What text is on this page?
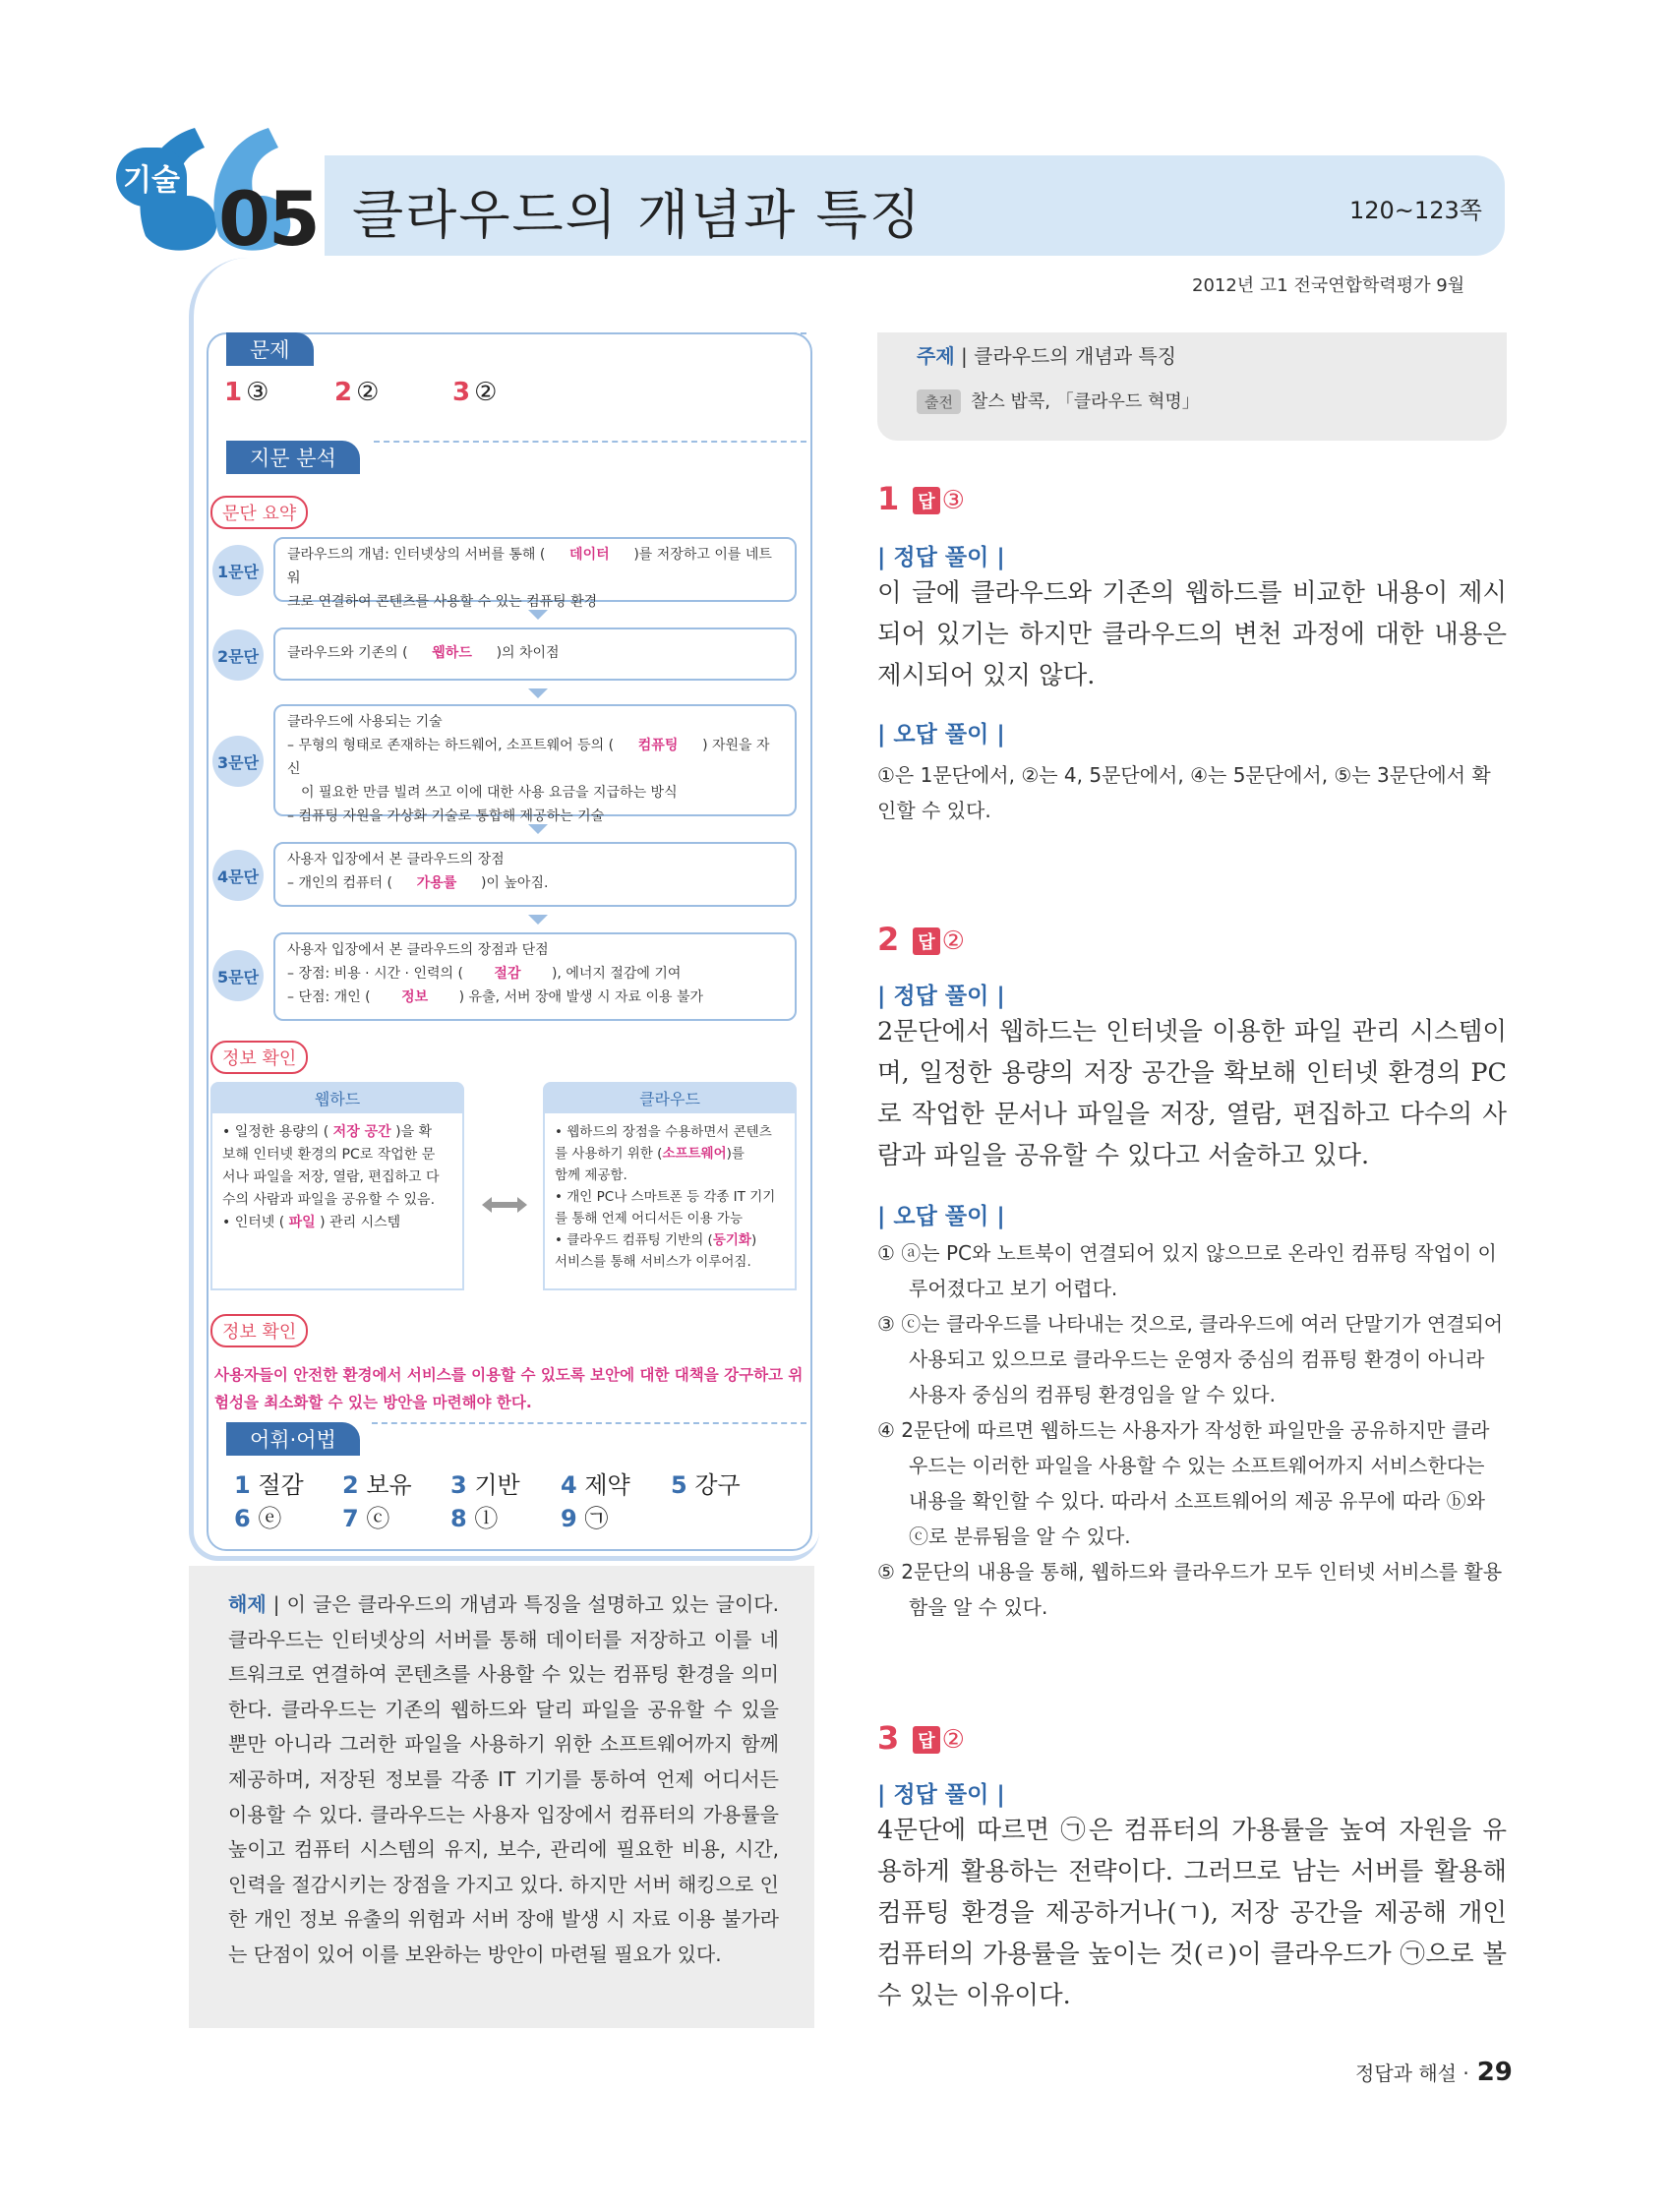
기술 05 클라우드의 개념과 특징	120~123쪽
2012년 고1 전국연합학력평가 9월
문제
1 ③	2 ②	3 ②
지문 분석
문단 요약
1문단
클라우드의 개념: 인터넷상의 서버를 통해 ( 데이터 )를 저장하고 이를 네트워
크로 연결하여 콘텐츠를 사용할 수 있는 컴퓨팅 환경
2문단	클라우드와 기존의 ( 웹하드 )의 차이점
3문단
클라우드에 사용되는 기술
– 무형의 형태로 존재하는 하드웨어, 소프트웨어 등의 ( 컴퓨팅 ) 자원을 자신
이 필요한 만큼 빌려 쓰고 이에 대한 사용 요금을 지급하는 방식
– 컴퓨팅 자원을 가상화 기술로 통합해 제공하는 기술
4문단
사용자 입장에서 본 클라우드의 장점
– 개인의 컴퓨터 ( 가용률 )이 높아짐.
5문단
사용자 입장에서 본 클라우드의 장점과 단점
– 장점: 비용 · 시간 · 인력의 ( 절감 ), 에너지 절감에 기여
– 단점: 개인 ( 정보 ) 유출, 서버 장애 발생 시 자료 이용 불가
정보 확인
웹하드
• 일정한 용량의 ( 저장 공간 )을 확
보해 인터넷 환경의 PC로 작업한 문
서나 파일을 저장, 열람, 편집하고 다
수의 사람과 파일을 공유할 수 있음.
• 인터넷 ( 파일 ) 관리 시스템
클라우드
• 웹하드의 장점을 수용하면서 콘텐츠
를 사용하기 위한 (소프트웨어)를
함께 제공함.
• 개인 PC나 스마트폰 등 각종 IT 기기
를 통해 언제 어디서든 이용 가능
• 클라우드 컴퓨팅 기반의 (동기화)
서비스를 통해 서비스가 이루어짐.
정보 확인
사용자들이 안전한 환경에서 서비스를 이용할 수 있도록 보안에 대한 대책을 강구하고 위험성을 최소화할 수 있는 방안을 마련해야 한다.
어휘·어법
1 절감 2 보유 3 기반 4 제약 5 강구
6 ⓔ	7 ⓒ	8 ⓛ	9 ㉠
해제 | 이 글은 클라우드의 개념과 특징을 설명하고 있는 글이다. 클라우드는 인터넷상의 서버를 통해 데이터를 저장하고 이를 네트워크로 연결하여 콘텐츠를 사용할 수 있는 컴퓨팅 환경을 의미한다. 클라우드는 기존의 웹하드와 달리 파일을 공유할 수 있을 뿐만 아니라 그러한 파일을 사용하기 위한 소프트웨어까지 함께 제공하며, 저장된 정보를 각종 IT 기기를 통하여 언제 어디서든 이용할 수 있다. 클라우드는 사용자 입장에서 컴퓨터의 가용률을 높이고 컴퓨터 시스템의 유지, 보수, 관리에 필요한 비용, 시간, 인력을 절감시키는 장점을 가지고 있다. 하지만 서버 해킹으로 인한 개인 정보 유출의 위험과 서버 장애 발생 시 자료 이용 불가라는 단점이 있어 이를 보완하는 방안이 마련될 필요가 있다.
주제 | 클라우드의 개념과 특징
출전 찰스 밥콕, 「클라우드 혁명」
1 답 ③
| 정답 풀이 |
이 글에 클라우드와 기존의 웹하드를 비교한 내용이 제시되어 있기는 하지만 클라우드의 변천 과정에 대한 내용은 제시되어 있지 않다.
| 오답 풀이 |
①은 1문단에서, ②는 4, 5문단에서, ④는 5문단에서, ⑤는 3문단에서 확인할 수 있다.
2 답 ②
| 정답 풀이 |
2문단에서 웹하드는 인터넷을 이용한 파일 관리 시스템이며, 일정한 용량의 저장 공간을 확보해 인터넷 환경의 PC로 작업한 문서나 파일을 저장, 열람, 편집하고 다수의 사람과 파일을 공유할 수 있다고 서술하고 있다.
| 오답 풀이 |
① ⓐ는 PC와 노트북이 연결되어 있지 않으므로 온라인 컴퓨팅 작업이 이루어졌다고 보기 어렵다.
③ ⓒ는 클라우드를 나타내는 것으로, 클라우드에 여러 단말기가 연결되어 사용되고 있으므로 클라우드는 운영자 중심의 컴퓨팅 환경이 아니라 사용자 중심의 컴퓨팅 환경임을 알 수 있다.
④ 2문단에 따르면 웹하드는 사용자가 작성한 파일만을 공유하지만 클라우드는 이러한 파일을 사용할 수 있는 소프트웨어까지 서비스한다는 내용을 확인할 수 있다. 따라서 소프트웨어의 제공 유무에 따라 ⓑ와 ⓒ로 분류됨을 알 수 있다.
⑤ 2문단의 내용을 통해, 웹하드와 클라우드가 모두 인터넷 서비스를 활용함을 알 수 있다.
3 답 ②
| 정답 풀이 |
4문단에 따르면 ㉠은 컴퓨터의 가용률을 높여 자원을 유용하게 활용하는 전략이다. 그러므로 남는 서버를 활용해 컴퓨팅 환경을 제공하거나(ㄱ), 저장 공간을 제공해 개인 컴퓨터의 가용률을 높이는 것(ㄹ)이 클라우드가 ㉠으로 볼 수 있는 이유이다.
정답과 해설 · 29
